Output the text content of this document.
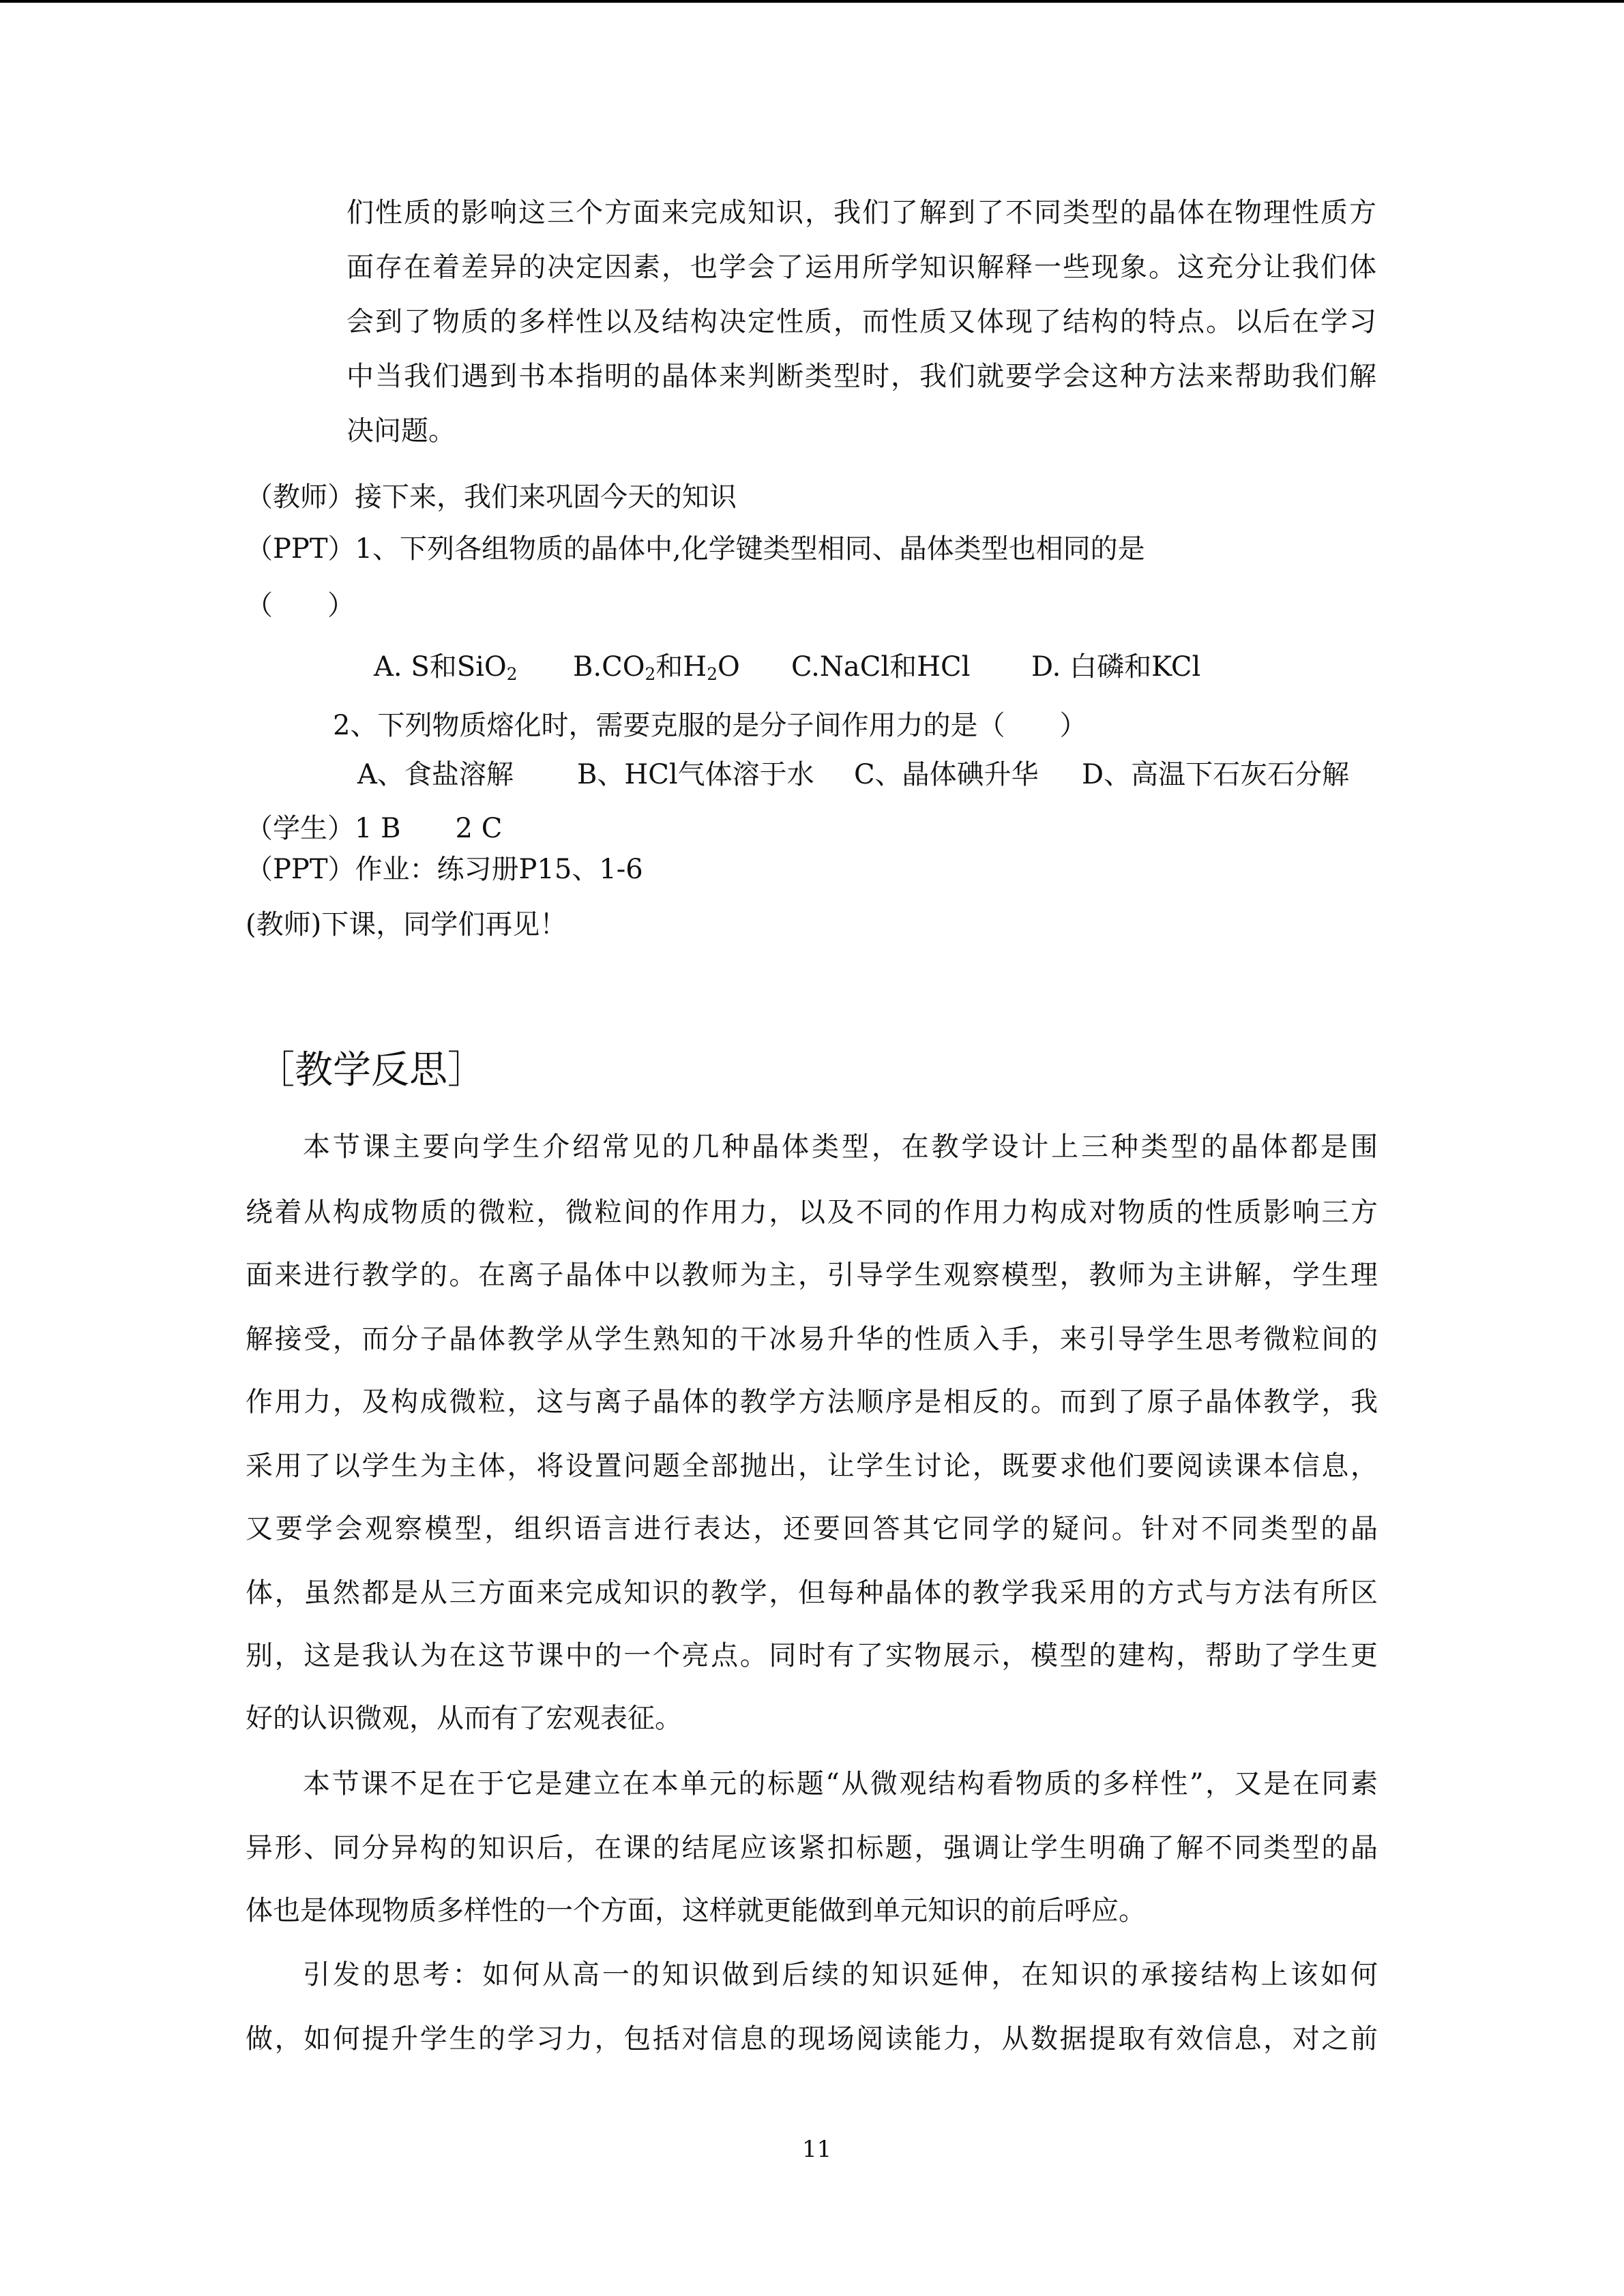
们性质的影响这三个方面来完成知识，我们了解到了不同类型的晶体在物理性质方
面存在着差异的决定因素，也学会了运用所学知识解释一些现象。这充分让我们体
会到了物质的多样性以及结构决定性质，而性质又体现了结构的特点。以后在学习
中当我们遇到书本指明的晶体来判断类型时，我们就要学会这种方法来帮助我们解
决问题。
（教师）接下来，我们来巩固今天的知识
（PPT）1、下列各组物质的晶体中,化学键类型相同、晶体类型也相同的是
（　　）
A. S和SiO$_2$ $B.CO_2$和$H_2O$ C.NaCl和HCl D. 白磷和KCl
2、下列物质熔化时，需要克服的是分子间作用力的是（　　）
A、食盐溶解 B、HCl气体溶于水 C、晶体碘升华 D、高温下石灰石分解
（学生）1 B　　2 C
（PPT）作业：练习册P15、1-6
(教师)下课，同学们再见！
［教学反思］
本节课主要向学生介绍常见的几种晶体类型，在教学设计上三种类型的晶体都是围
绕着从构成物质的微粒，微粒间的作用力，以及不同的作用力构成对物质的性质影响三方
面来进行教学的。在离子晶体中以教师为主，引导学生观察模型，教师为主讲解，学生理
解接受，而分子晶体教学从学生熟知的干冰易升华的性质入手，来引导学生思考微粒间的
作用力，及构成微粒，这与离子晶体的教学方法顺序是相反的。而到了原子晶体教学，我
采用了以学生为主体，将设置问题全部抛出，让学生讨论，既要求他们要阅读课本信息，
又要学会观察模型，组织语言进行表达，还要回答其它同学的疑问。针对不同类型的晶
体，虽然都是从三方面来完成知识的教学，但每种晶体的教学我采用的方式与方法有所区
别，这是我认为在这节课中的一个亮点。同时有了实物展示，模型的建构，帮助了学生更
好的认识微观，从而有了宏观表征。
本节课不足在于它是建立在本单元的标题“从微观结构看物质的多样性”，又是在同素
异形、同分异构的知识后，在课的结尾应该紧扣标题，强调让学生明确了解不同类型的晶
体也是体现物质多样性的一个方面，这样就更能做到单元知识的前后呼应。
引发的思考：如何从高一的知识做到后续的知识延伸，在知识的承接结构上该如何
做，如何提升学生的学习力，包括对信息的现场阅读能力，从数据提取有效信息，对之前
11
